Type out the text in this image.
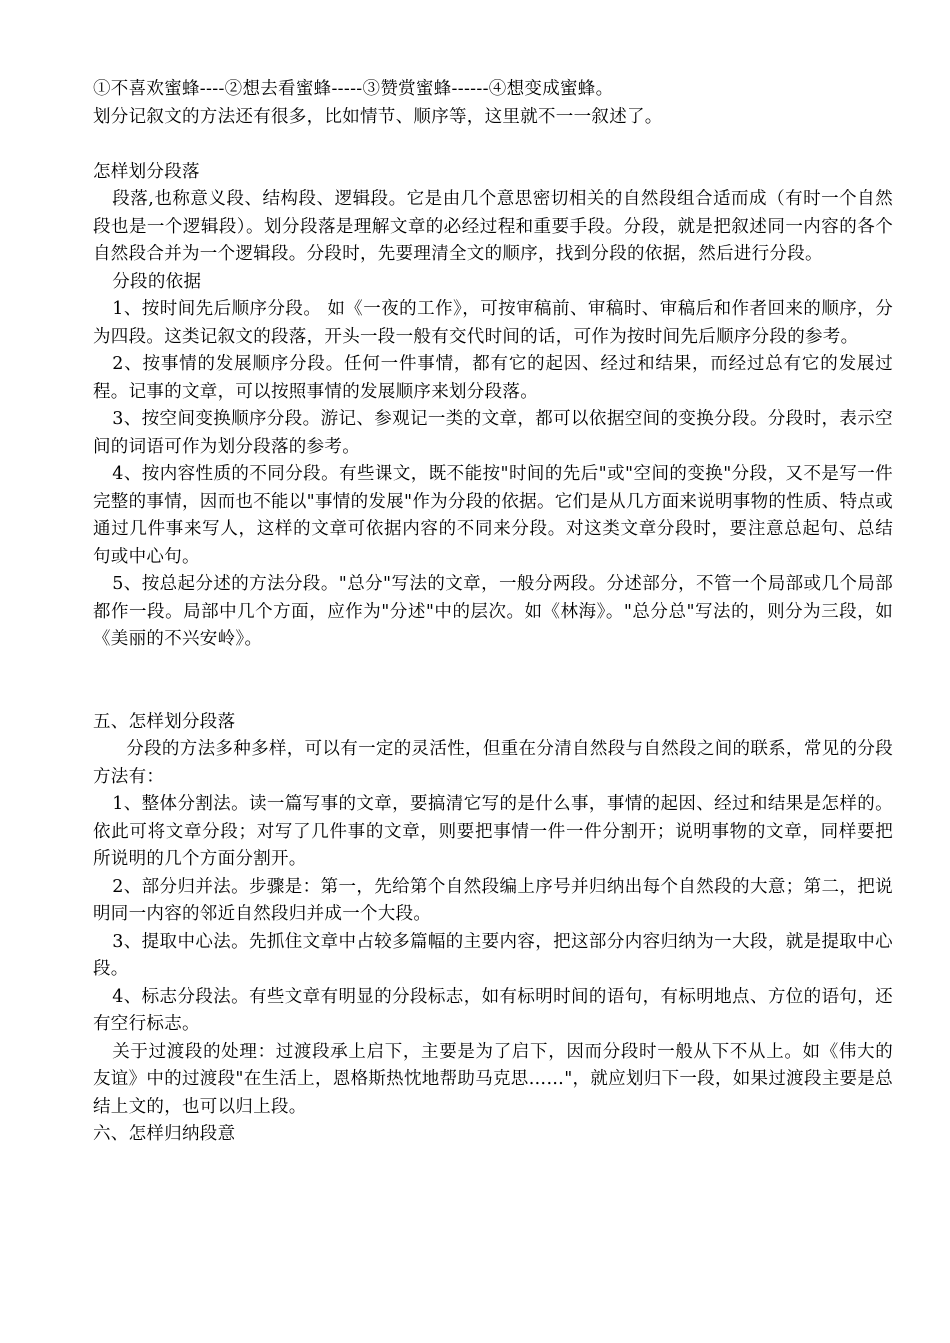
①不喜欢蜜蜂----②想去看蜜蜂-----③赞赏蜜蜂------④想变成蜜蜂。

划分记叙文的方法还有很多，比如情节、顺序等，这里就不一一叙述了。

怎样划分段落

段落,也称意义段、结构段、逻辑段。它是由几个意思密切相关的自然段组合适而成（有时一个自然段也是一个逻辑段）。划分段落是理解文章的必经过程和重要手段。分段，就是把叙述同一内容的各个自然段合并为一个逻辑段。分段时，先要理清全文的顺序，找到分段的依据，然后进行分段。

分段的依据

1、按时间先后顺序分段。 如《一夜的工作》，可按审稿前、审稿时、审稿后和作者回来的顺序，分为四段。这类记叙文的段落，开头一段一般有交代时间的话，可作为按时间先后顺序分段的参考。

2、按事情的发展顺序分段。任何一件事情，都有它的起因、经过和结果，而经过总有它的发展过程。记事的文章，可以按照事情的发展顺序来划分段落。

3、按空间变换顺序分段。游记、参观记一类的文章，都可以依据空间的变换分段。分段时，表示空间的词语可作为划分段落的参考。

4、按内容性质的不同分段。有些课文，既不能按"时间的先后"或"空间的变换"分段，又不是写一件完整的事情，因而也不能以"事情的发展"作为分段的依据。它们是从几方面来说明事物的性质、特点或通过几件事来写人，这样的文章可依据内容的不同来分段。对这类文章分段时，要注意总起句、总结句或中心句。

5、按总起分述的方法分段。"总分"写法的文章，一般分两段。分述部分，不管一个局部或几个局部都作一段。局部中几个方面，应作为"分述"中的层次。如《林海》。"总分总"写法的，则分为三段，如《美丽的不兴安岭》。

五、怎样划分段落

分段的方法多种多样，可以有一定的灵活性，但重在分清自然段与自然段之间的联系，常见的分段方法有：

1、整体分割法。读一篇写事的文章，要搞清它写的是什么事，事情的起因、经过和结果是怎样的。依此可将文章分段；对写了几件事的文章，则要把事情一件一件分割开；说明事物的文章，同样要把所说明的几个方面分割开。

2、部分归并法。步骤是：第一，先给第个自然段编上序号并归纳出每个自然段的大意；第二，把说明同一内容的邻近自然段归并成一个大段。

3、提取中心法。先抓住文章中占较多篇幅的主要内容，把这部分内容归纳为一大段，就是提取中心段。

4、标志分段法。有些文章有明显的分段标志，如有标明时间的语句，有标明地点、方位的语句，还有空行标志。

关于过渡段的处理：过渡段承上启下，主要是为了启下，因而分段时一般从下不从上。如《伟大的友谊》中的过渡段"在生活上，恩格斯热忱地帮助马克思……"，就应划归下一段，如果过渡段主要是总结上文的，也可以归上段。

六、怎样归纳段意
